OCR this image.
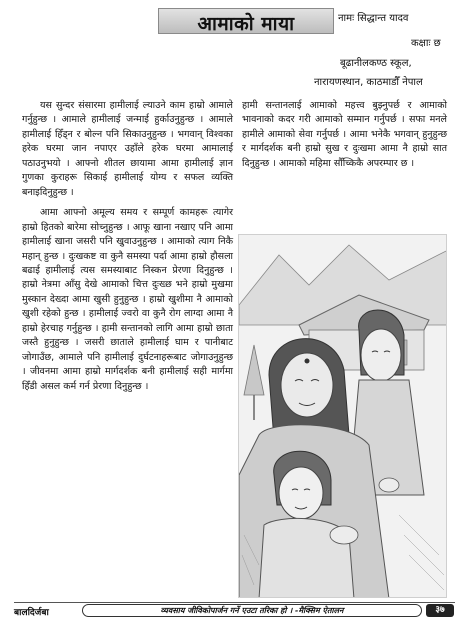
आमाको माया	नामः सिद्धान्त यादव
कक्षाः छ
बूढानीलकण्ठ स्कूल,
नारायणस्थान, काठमाडौँ नेपाल

यस सुन्दर संसारमा हामीलाई ल्याउने काम हाम्रो आमाले गर्नुहुन्छ । आमाले हामीलाई जन्माई हुर्काउनुहुन्छ । आमाले हामीलाई हिँड्न र बोल्न पनि सिकाउनुहुन्छ । भगवान् विश्वका हरेक घरमा जान नपाएर उहाँले हरेक घरमा आमालाई पठाउनुभयो । आफ्नो शीतल छायामा आमा हामीलाई ज्ञान गुणका कुराहरू सिकाई हामीलाई योग्य र सफल व्यक्ति बनाइदिनुहुन्छ ।

आमा आफ्नो अमूल्य समय र सम्पूर्ण कामहरू त्यागेर हाम्रो हितको बारेमा सोच्नुहुन्छ । आफू खाना नखाए पनि आमा हामीलाई खाना जसरी पनि खुवाउनुहुन्छ । आमाको त्याग निकै महान् हुन्छ । दुःखकष्ट वा कुनै समस्या पर्दा आमा हाम्रो हौसला बढाई हामीलाई त्यस समस्याबाट निस्कन प्रेरणा दिनुहुन्छ । हाम्रो नेत्रमा आँसु देखे आमाको चित्त दुःख्छ भने हाम्रो मुखमा मुस्कान देख्दा आमा खुसी हुनुहुन्छ । हाम्रो खुशीमा नै आमाको खुशी रहेको हुन्छ । हामीलाई ज्वरो वा कुनै रोग लाग्दा आमा नै हाम्रो हेरचाह गर्नुहुन्छ । हामी सन्तानको लागि आमा हाम्रो छाता जस्तै हुनुहुन्छ । जसरी छाताले हामीलाई घाम र पानीबाट जोगाउँछ, आमाले पनि हामीलाई दुर्घटनाहरूबाट जोगाउनुहुन्छ । जीवनमा आमा हाम्रो मार्गदर्शक बनी हामीलाई सही मार्गमा हिँडी असल कर्म गर्न प्रेरणा दिनुहुन्छ ।

हामी सन्तानलाई आमाको महत्त्व बुझ्नुपर्छ र आमाको भावनाको कदर गरी आमाको सम्मान गर्नुपर्छ । सफा मनले हामीले आमाको सेवा गर्नुपर्छ । आमा भनेकै भगवान् हुनुहुन्छ र मार्गदर्शक बनी हाम्रो सुख र दुःखमा आमा नै हाम्रो सात दिनुहुन्छ । आमाको महिमा सौँच्किकै अपरम्पार छ ।

बालदिर्जबा	व्यवसाय जीविकोपार्जन गर्ने एउटा तरिका हो । -मैक्सिम ऐतालन	३७
